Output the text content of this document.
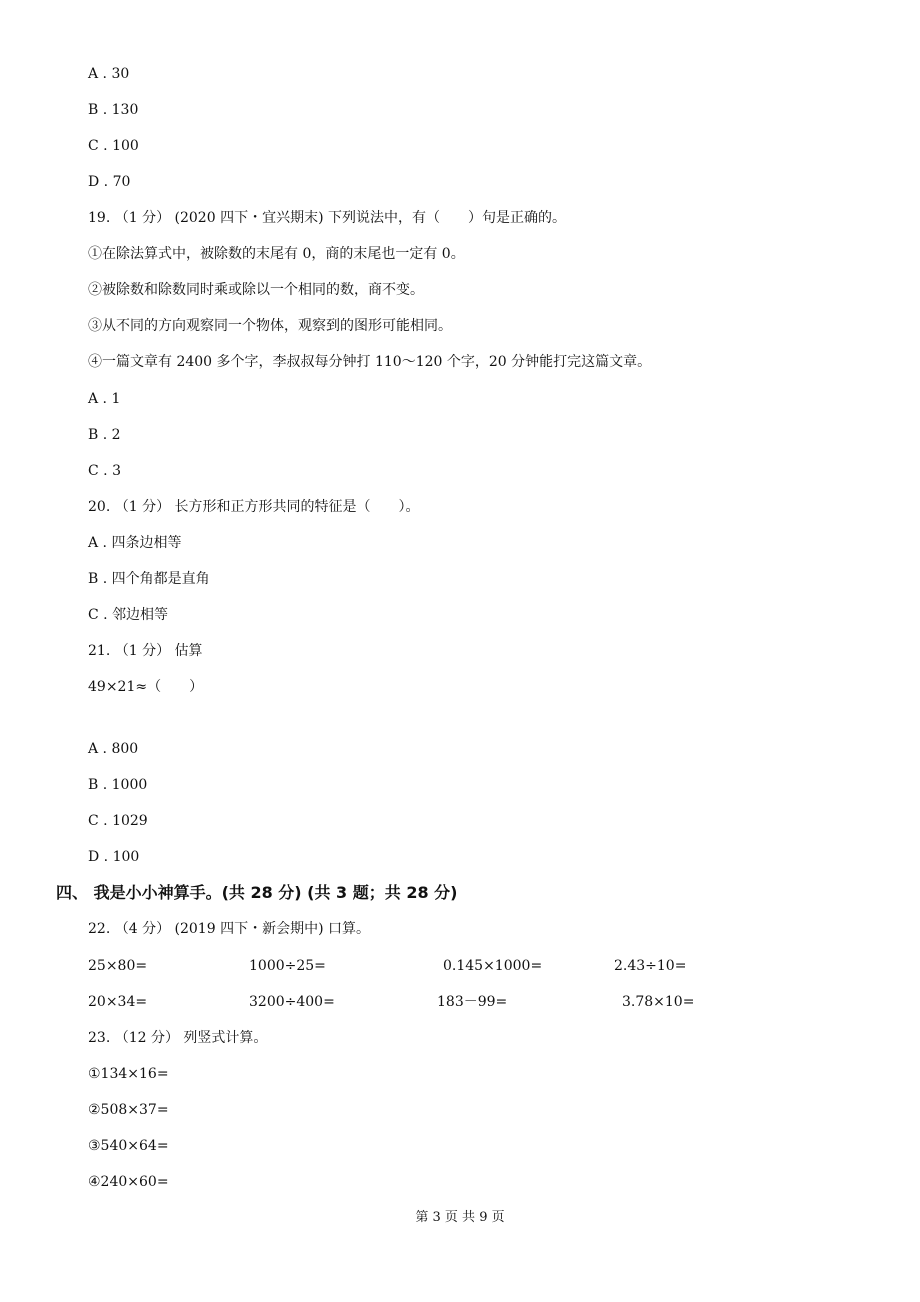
A . 30
B . 130
C . 100
D . 70
19. （1 分） (2020 四下・宜兴期末) 下列说法中，有（　　）句是正确的。
①在除法算式中，被除数的末尾有 0，商的末尾也一定有 0。
②被除数和除数同时乘或除以一个相同的数，商不变。
③从不同的方向观察同一个物体，观察到的图形可能相同。
④一篇文章有 2400 多个字，李叔叔每分钟打 110～120 个字，20 分钟能打完这篇文章。
A . 1
B . 2
C . 3
20. （1 分） 长方形和正方形共同的特征是（　　）。
A . 四条边相等
B . 四个角都是直角
C . 邻边相等
21. （1 分） 估算
49×21≈（　　）
A . 800
B . 1000
C . 1029
D . 100
四、 我是小小神算手。(共 28 分) (共 3 题；共 28 分)
22. （4 分） (2019 四下・新会期中) 口算。
25×80=	1000÷25=	0.145×1000=	2.43÷10=
20×34=	3200÷400=	183－99=	3.78×10=
23. （12 分） 列竖式计算。
①134×16=
②508×37=
③540×64=
④240×60=
第 3 页 共 9 页
